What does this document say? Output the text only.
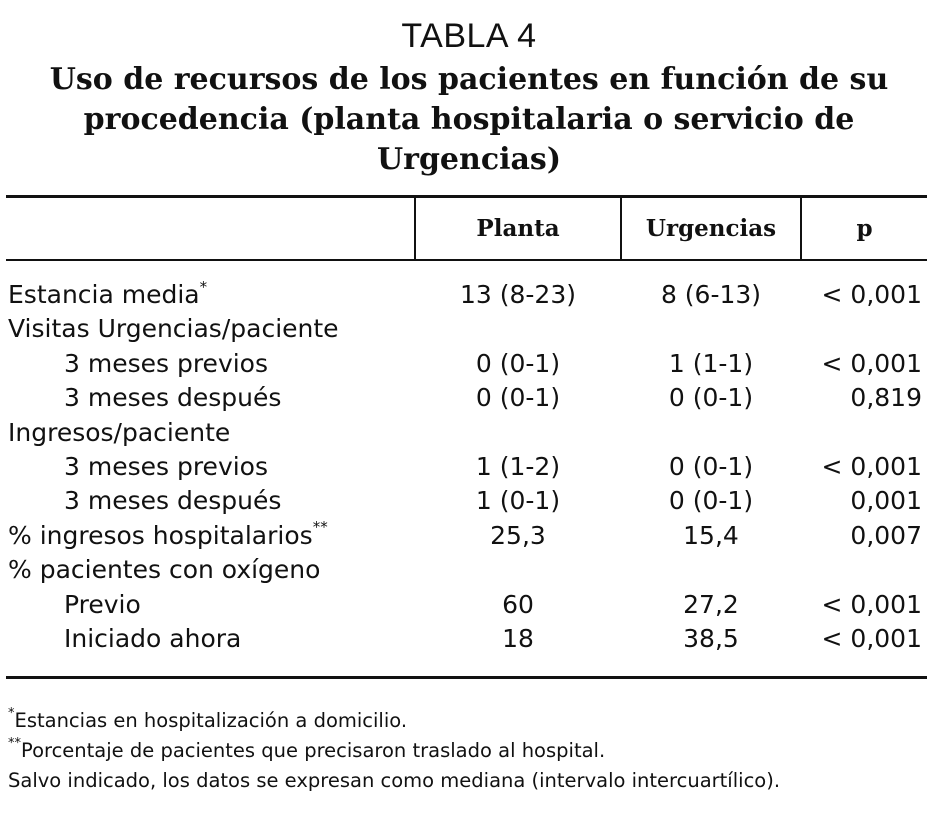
TABLA 4
Uso de recursos de los pacientes en función de su procedencia (planta hospitalaria o servicio de Urgencias)
Planta	Urgencias	p
Estancia media*	13 (8-23)	8 (6-13)	< 0,001
Visitas Urgencias/paciente
3 meses previos	0 (0-1)	1 (1-1)	< 0,001
3 meses después	0 (0-1)	0 (0-1)	0,819
Ingresos/paciente
3 meses previos	1 (1-2)	0 (0-1)	< 0,001
3 meses después	1 (0-1)	0 (0-1)	0,001
% ingresos hospitalarios**	25,3	15,4	0,007
% pacientes con oxígeno
Previo	60	27,2	< 0,001
Iniciado ahora	18	38,5	< 0,001
*Estancias en hospitalización a domicilio.
**Porcentaje de pacientes que precisaron traslado al hospital.
Salvo indicado, los datos se expresan como mediana (intervalo intercuartílico).
